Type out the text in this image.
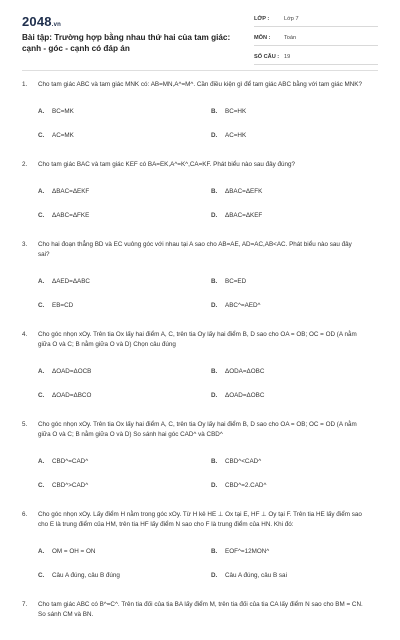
2048.vn
Bài tập: Trường hợp bằng nhau thứ hai của tam giác: cạnh - góc - cạnh có đáp án
LỚP :	Lớp 7
MÔN : Toán
SỐ CÂU : 19
1.	Cho tam giác ABC và tam giác MNK có: AB=MN,A^=M^. Cần điều kiện gì để tam giác ABC bằng với tam giác MNK?
A.	BC=MK	B.	BC=HK
C.	AC=MK	D.	AC=HK
2.	Cho tam giác BAC và tam giác KEF có BA=EK,A^=K^,CA=KF. Phát biểu nào sau đây đúng?
A.	ΔBAC=ΔEKF	B.	ΔBAC=ΔEFK
C.	ΔABC=ΔFKE	D.	ΔBAC=ΔKEF
3.	Cho hai đoạn thẳng BD và EC vuông góc với nhau tại A sao cho AB=AE, AD=AC,AB<AC. Phát biểu nào sau đây sai?
A.	ΔAED=ΔABC	B.	BC=ED
C.	EB=CD	D.	ABC^=AED^
4.	Cho góc nhọn xOy. Trên tia Ox lấy hai điểm A, C, trên tia Oy lấy hai điểm B, D sao cho OA = OB; OC = OD (A nằm giữa O và C; B nằm giữa O và D) Chọn câu đúng
A.	ΔOAD=ΔOCB	B.	ΔODA=ΔOBC
C.	ΔOAD=ΔBCO	D.	ΔOAD=ΔOBC
5.	Cho góc nhọn xOy. Trên tia Ox lấy hai điểm A, C, trên tia Oy lấy hai điểm B, D sao cho OA = OB; OC = OD (A nằm giữa O và C; B nằm giữa O và D) So sánh hai góc CAD^ và CBD^
A.	CBD^=CAD^	B.	CBD^<CAD^
C.	CBD^>CAD^	D.	CBD^=2.CAD^
6.	Cho góc nhọn xOy. Lấy điểm H nằm trong góc xOy. Từ H kẻ HE ⊥ Ox tại E, HF ⊥ Oy tại F. Trên tia HE lấy điểm sao cho E là trung điểm của HM, trên tia HF lấy điểm N sao cho F là trung điểm của HN. Khi đó:
A.	OM = OH = ON	B.	EOF^=12MON^
C.	Câu A đúng, câu B đúng	D.	Câu A đúng, câu B sai
7.	Cho tam giác ABC có B^=C^. Trên tia đối của tia BA lấy điểm M, trên tia đối của tia CA lấy điểm N sao cho BM = CN. So sánh CM và BN.
